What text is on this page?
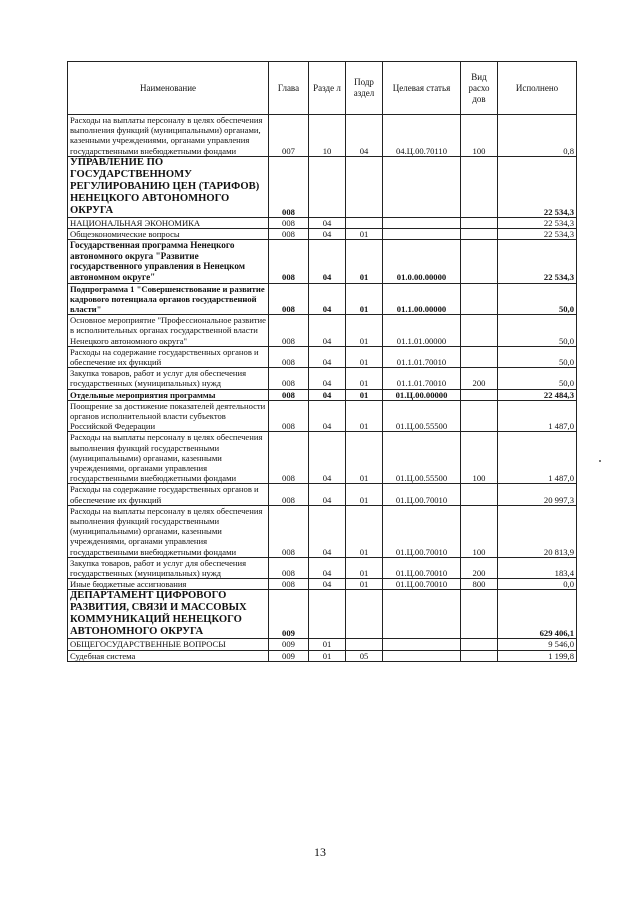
Наименование	Глава	Разде л	Подр аздел	Целевая статья	Вид расхо дов	Исполнено
Расходы на выплаты персоналу в целях обеспечения выполнения функций (муниципальными) органами, казенными учреждениями, органами управления государственными внебюджетными фондами	007	10	04	04.Ц.00.70110	100	0,8
УПРАВЛЕНИЕ ПО ГОСУДАРСТВЕННОМУ РЕГУЛИРОВАНИЮ ЦЕН (ТАРИФОВ) НЕНЕЦКОГО АВТОНОМНОГО ОКРУГА	008					22 534,3
НАЦИОНАЛЬНАЯ ЭКОНОМИКА	008	04				22 534,3
Общеэкономические вопросы	008	04	01			22 534,3
Государственная программа Ненецкого автономного округа "Развитие государственного управления в Ненецком автономном округе"	008	04	01	01.0.00.00000		22 534,3
Подпрограмма 1 "Совершенствование и развитие кадрового потенциала органов государственной власти"	008	04	01	01.1.00.00000		50,0
Основное мероприятие "Профессиональное развитие в исполнительных органах государственной власти Ненецкого автономного округа"	008	04	01	01.1.01.00000		50,0
Расходы на содержание государственных органов и обеспечение их функций	008	04	01	01.1.01.70010		50,0
Закупка товаров, работ и услуг для обеспечения государственных (муниципальных) нужд	008	04	01	01.1.01.70010	200	50,0
Отдельные мероприятия программы	008	04	01	01.Ц.00.00000		22 484,3
Поощрение за достижение показателей деятельности органов исполнительной власти субъектов Российской Федерации	008	04	01	01.Ц.00.55500		1 487,0
Расходы на выплаты персоналу в целях обеспечения выполнения функций государственными (муниципальными) органами, казенными учреждениями, органами управления государственными внебюджетными фондами	008	04	01	01.Ц.00.55500	100	1 487,0
Расходы на содержание государственных органов и обеспечение их функций	008	04	01	01.Ц.00.70010		20 997,3
Расходы на выплаты персоналу в целях обеспечения выполнения функций государственными (муниципальными) органами, казенными учреждениями, органами управления государственными внебюджетными фондами	008	04	01	01.Ц.00.70010	100	20 813,9
Закупка товаров, работ и услуг для обеспечения государственных (муниципальных) нужд	008	04	01	01.Ц.00.70010	200	183,4
Иные бюджетные ассигнования	008	04	01	01.Ц.00.70010	800	0,0
ДЕПАРТАМЕНТ ЦИФРОВОГО РАЗВИТИЯ, СВЯЗИ И МАССОВЫХ КОММУНИКАЦИЙ НЕНЕЦКОГО АВТОНОМНОГО ОКРУГА	009					629 406,1
ОБЩЕГОСУДАРСТВЕННЫЕ ВОПРОСЫ	009	01				9 546,0
Судебная система	009	01	05			1 199,8
13
